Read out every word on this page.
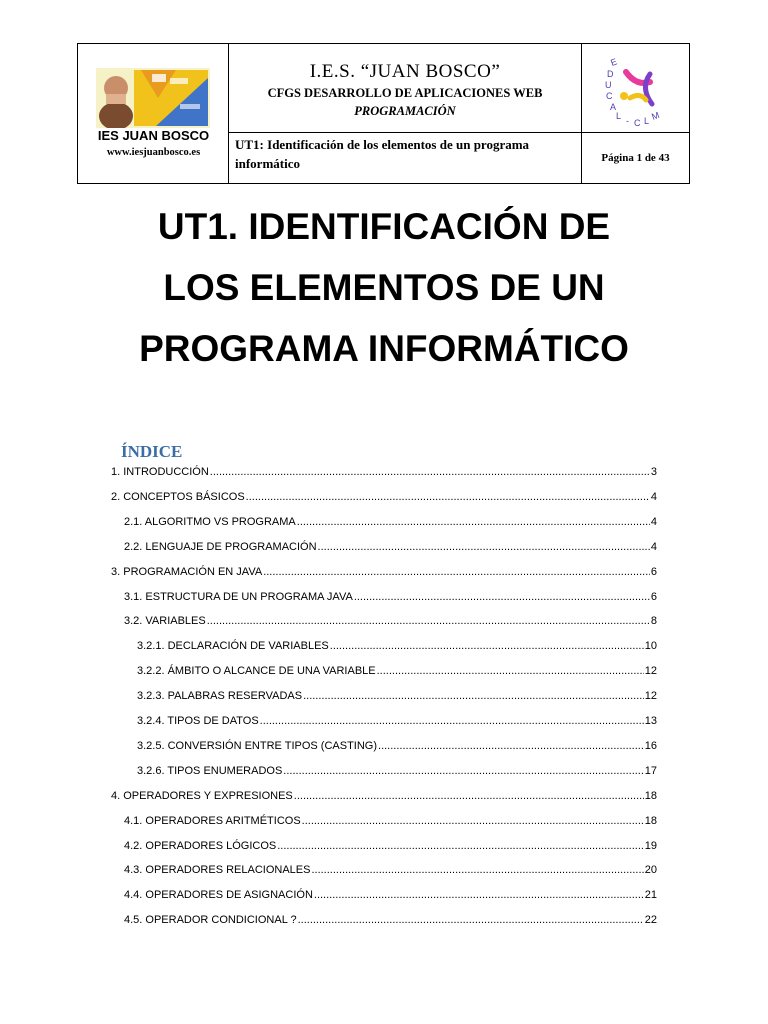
IES JUAN BOSCO
www.iesjuanbosco.es
I.E.S. “JUAN BOSCO”
CFGS DESARROLLO DE APLICACIONES WEB
PROGRAMACIÓN
E
D
U
C
A
L - C L M
UT1: Identificación de los elementos de un programa informático	Página 1 de 43
UT1. IDENTIFICACIÓN DE
LOS ELEMENTOS DE UN
PROGRAMA INFORMÁTICO
ÍNDICE
1. INTRODUCCIÓN .....	3
2. CONCEPTOS BÁSICOS .....	4
2.1. ALGORITMO VS PROGRAMA .....	4
2.2. LENGUAJE DE PROGRAMACIÓN .....	4
3. PROGRAMACIÓN EN JAVA .....	6
3.1. ESTRUCTURA DE UN PROGRAMA JAVA .....	6
3.2. VARIABLES .....	8
3.2.1. DECLARACIÓN DE VARIABLES .....	10
3.2.2. ÁMBITO O ALCANCE DE UNA VARIABLE .....	12
3.2.3. PALABRAS RESERVADAS .....	12
3.2.4. TIPOS DE DATOS .....	13
3.2.5. CONVERSIÓN ENTRE TIPOS (CASTING) .....	16
3.2.6. TIPOS ENUMERADOS .....	17
4. OPERADORES Y EXPRESIONES .....	18
4.1. OPERADORES ARITMÉTICOS .....	18
4.2. OPERADORES LÓGICOS .....	19
4.3. OPERADORES RELACIONALES .....	20
4.4. OPERADORES DE ASIGNACIÓN .....	21
4.5. OPERADOR CONDICIONAL ? .....	22
